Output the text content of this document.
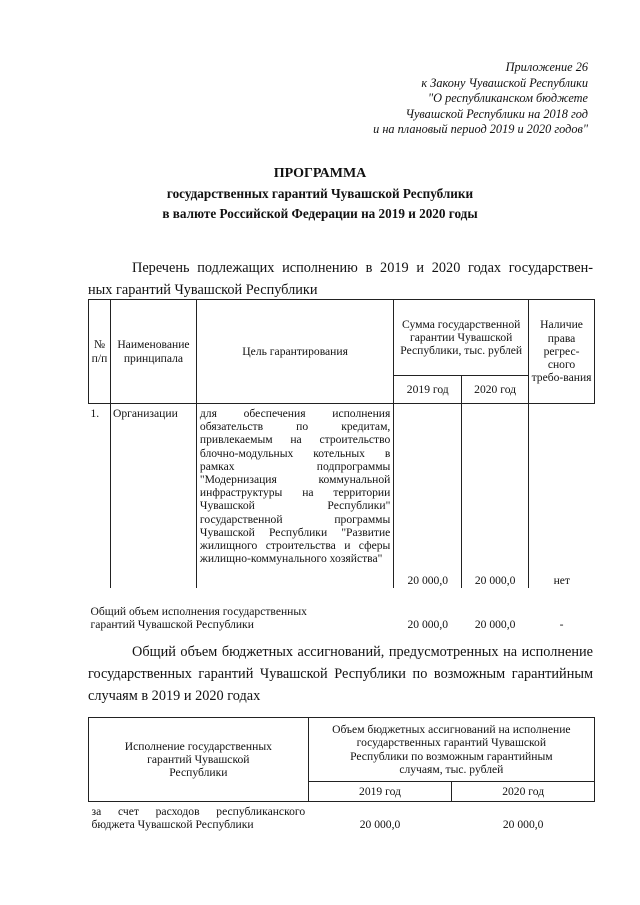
Приложение 26
к Закону Чувашской Республики
"О республиканском бюджете
Чувашской Республики на 2018 год
и на плановый период 2019 и 2020 годов"
ПРОГРАММА
государственных гарантий Чувашской Республики
в валюте Российской Федерации на 2019 и 2020 годы
Перечень подлежащих исполнению в 2019 и 2020 годах государствен-
ных гарантий Чувашской Республики
№ п/п	Наименование принципала	Цель гарантирования	Сумма государственной гарантии Чувашской Республики, тыс. рублей		Наличие права регрес-сного требо-вания
			2019 год	2020 год	
1.	Организации	для обеспечения исполнения обязательств по кредитам, привлекаемым на строительство блочно-модульных котельных в рамках подпрограммы "Модернизация коммунальной инфраструктуры на территории Чувашской Республики" государственной программы Чувашской Республики "Развитие жилищного строительства и сферы жилищно-коммунального хозяйства"	20 000,0	20 000,0	нет
Общий объем исполнения государственных гарантий Чувашской Республики			20 000,0	20 000,0	-
Общий объем бюджетных ассигнований, предусмотренных на исполнение государственных гарантий Чувашской Республики по возможным гарантийным случаям в 2019 и 2020 годах
Исполнение государственных гарантий Чувашской Республики	Объем бюджетных ассигнований на исполнение государственных гарантий Чувашской Республики по возможным гарантийным случаям, тыс. рублей	
	2019 год	2020 год
за счет расходов республиканского бюджета Чувашской Республики	20 000,0	20 000,0
